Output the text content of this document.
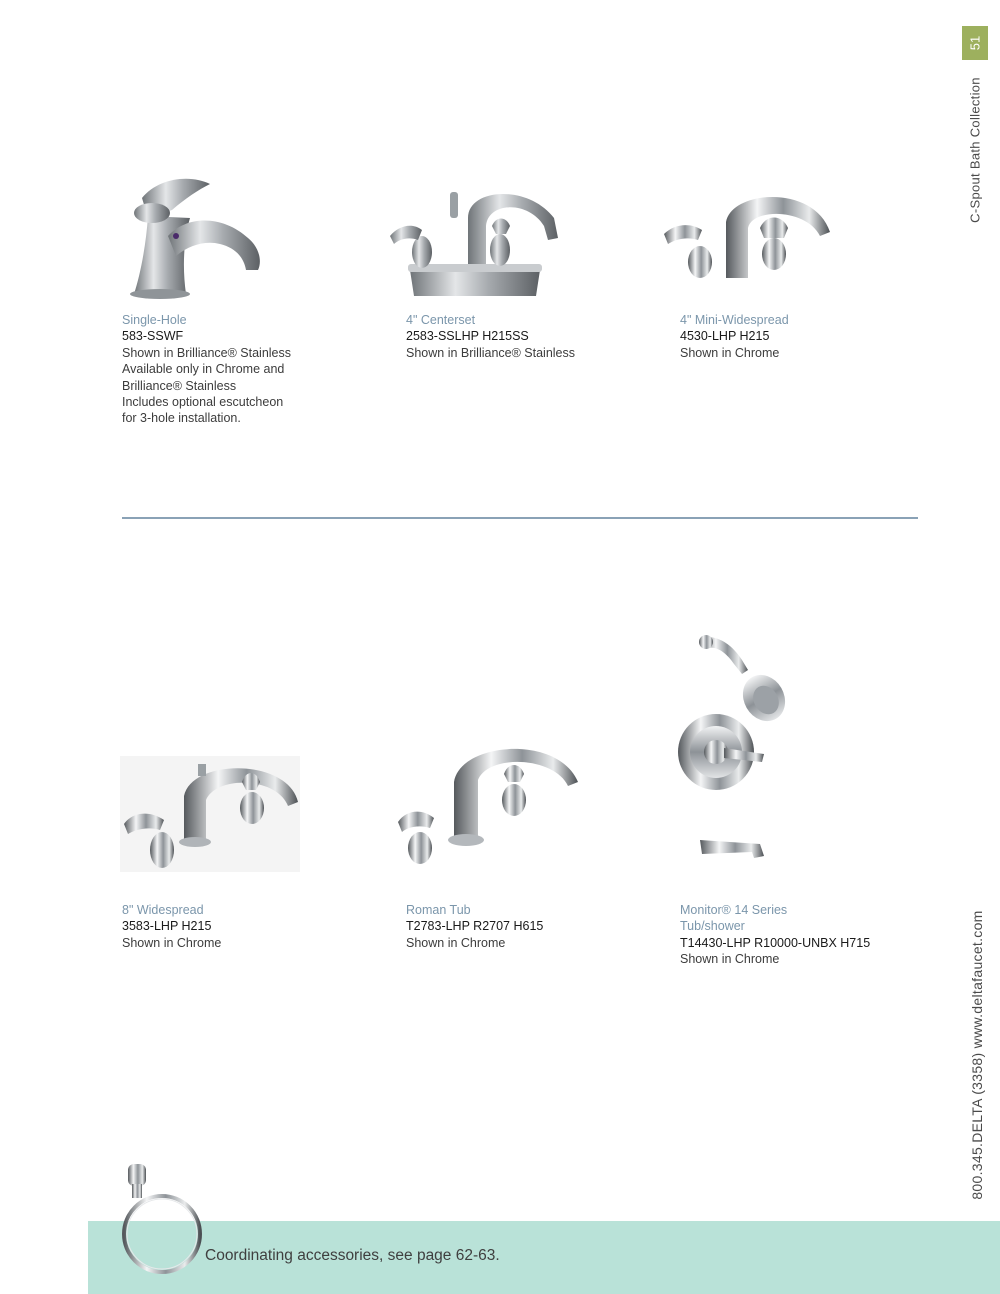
51
C-Spout Bath Collection
800.345.DELTA (3358) www.deltafaucet.com
Single-Hole
583-SSWF
Shown in Brilliance® Stainless
Available only in Chrome and
Brilliance® Stainless
Includes optional escutcheon
for 3-hole installation.
4" Centerset
2583-SSLHP H215SS
Shown in Brilliance® Stainless
4" Mini-Widespread
4530-LHP H215
Shown in Chrome
8" Widespread
3583-LHP H215
Shown in Chrome
Roman Tub
T2783-LHP R2707 H615
Shown in Chrome
Monitor® 14 Series
Tub/shower
T14430-LHP R10000-UNBX H715
Shown in Chrome
Coordinating accessories, see page 62-63.
